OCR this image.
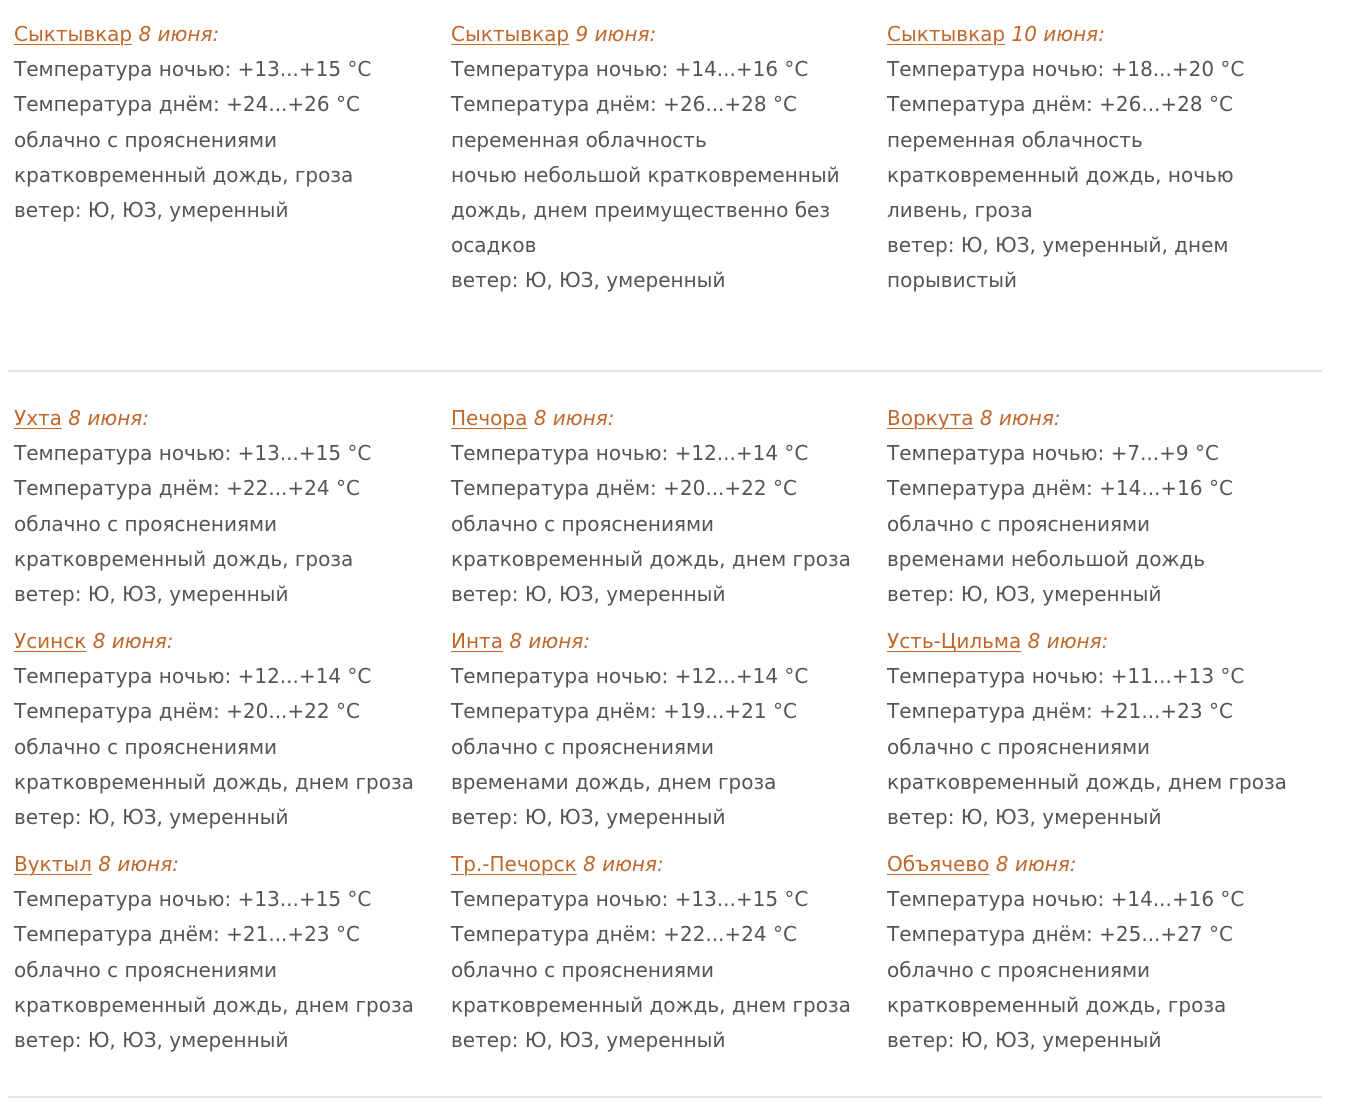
Сыктывкар 8 июня:
Температура ночью: +13...+15 °C
Температура днём: +24...+26 °C
облачно с прояснениями
кратковременный дождь, гроза
ветер: Ю, ЮЗ, умеренный
Сыктывкар 9 июня:
Температура ночью: +14...+16 °C
Температура днём: +26...+28 °C
переменная облачность
ночью небольшой кратковременный
дождь, днем преимущественно без
осадков
ветер: Ю, ЮЗ, умеренный
Сыктывкар 10 июня:
Температура ночью: +18...+20 °C
Температура днём: +26...+28 °C
переменная облачность
кратковременный дождь, ночью
ливень, гроза
ветер: Ю, ЮЗ, умеренный, днем
порывистый
Ухта 8 июня:
Температура ночью: +13...+15 °C
Температура днём: +22...+24 °C
облачно с прояснениями
кратковременный дождь, гроза
ветер: Ю, ЮЗ, умеренный
Печора 8 июня:
Температура ночью: +12...+14 °C
Температура днём: +20...+22 °C
облачно с прояснениями
кратковременный дождь, днем гроза
ветер: Ю, ЮЗ, умеренный
Воркута 8 июня:
Температура ночью: +7...+9 °C
Температура днём: +14...+16 °C
облачно с прояснениями
временами небольшой дождь
ветер: Ю, ЮЗ, умеренный
Усинск 8 июня:
Температура ночью: +12...+14 °C
Температура днём: +20...+22 °C
облачно с прояснениями
кратковременный дождь, днем гроза
ветер: Ю, ЮЗ, умеренный
Инта 8 июня:
Температура ночью: +12...+14 °C
Температура днём: +19...+21 °C
облачно с прояснениями
временами дождь, днем гроза
ветер: Ю, ЮЗ, умеренный
Усть-Цильма 8 июня:
Температура ночью: +11...+13 °C
Температура днём: +21...+23 °C
облачно с прояснениями
кратковременный дождь, днем гроза
ветер: Ю, ЮЗ, умеренный
Вуктыл 8 июня:
Температура ночью: +13...+15 °C
Температура днём: +21...+23 °C
облачно с прояснениями
кратковременный дождь, днем гроза
ветер: Ю, ЮЗ, умеренный
Тр.-Печорск 8 июня:
Температура ночью: +13...+15 °C
Температура днём: +22...+24 °C
облачно с прояснениями
кратковременный дождь, днем гроза
ветер: Ю, ЮЗ, умеренный
Объячево 8 июня:
Температура ночью: +14...+16 °C
Температура днём: +25...+27 °C
облачно с прояснениями
кратковременный дождь, гроза
ветер: Ю, ЮЗ, умеренный
